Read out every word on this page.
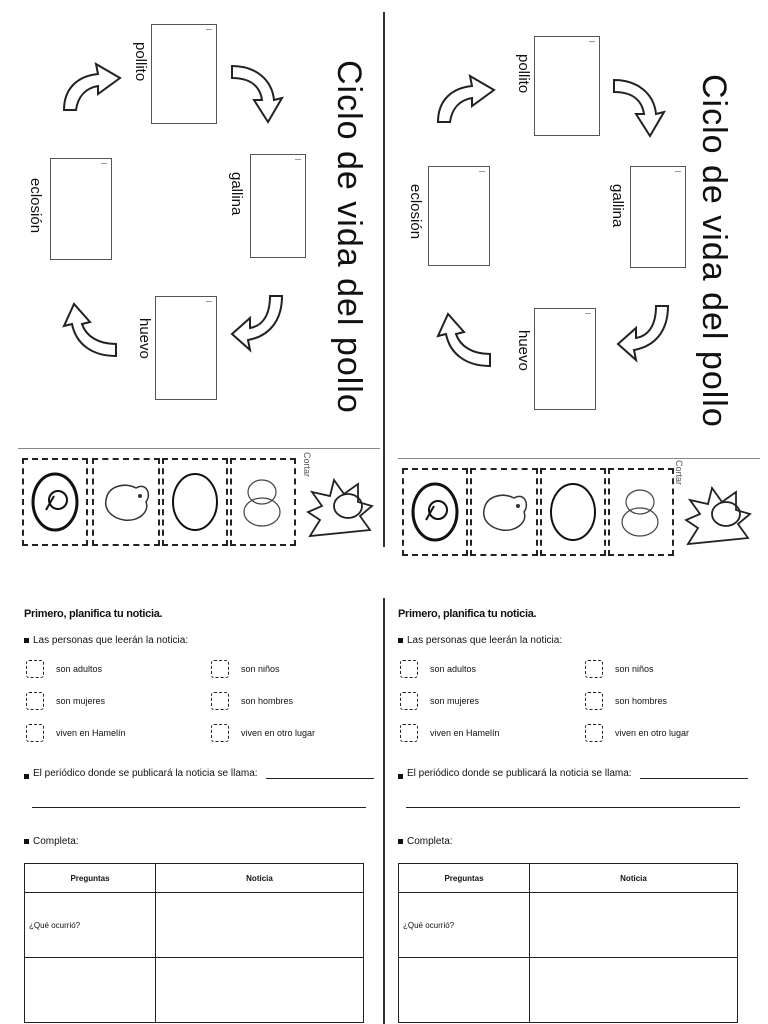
Ciclo de vida del pollo
pollito
gallina
huevo
eclosión
Cortar
Ciclo de vida del pollo
pollito
gallina
huevo
eclosión
Cortar
Primero, planifica tu noticia.
Las personas que leerán la noticia:
son adultos	son niños
son mujeres	son hombres
viven en Hamelín	viven en otro lugar
El periódico donde se publicará la noticia se llama:
Completa:
Preguntas	Noticia
¿Qué ocurrió?	

Primero, planifica tu noticia.
Las personas que leerán la noticia:
son adultos	son niños
son mujeres	son hombres
viven en Hamelín	viven en otro lugar
El periódico donde se publicará la noticia se llama:
Completa:
Preguntas	Noticia
¿Qué ocurrió?	
